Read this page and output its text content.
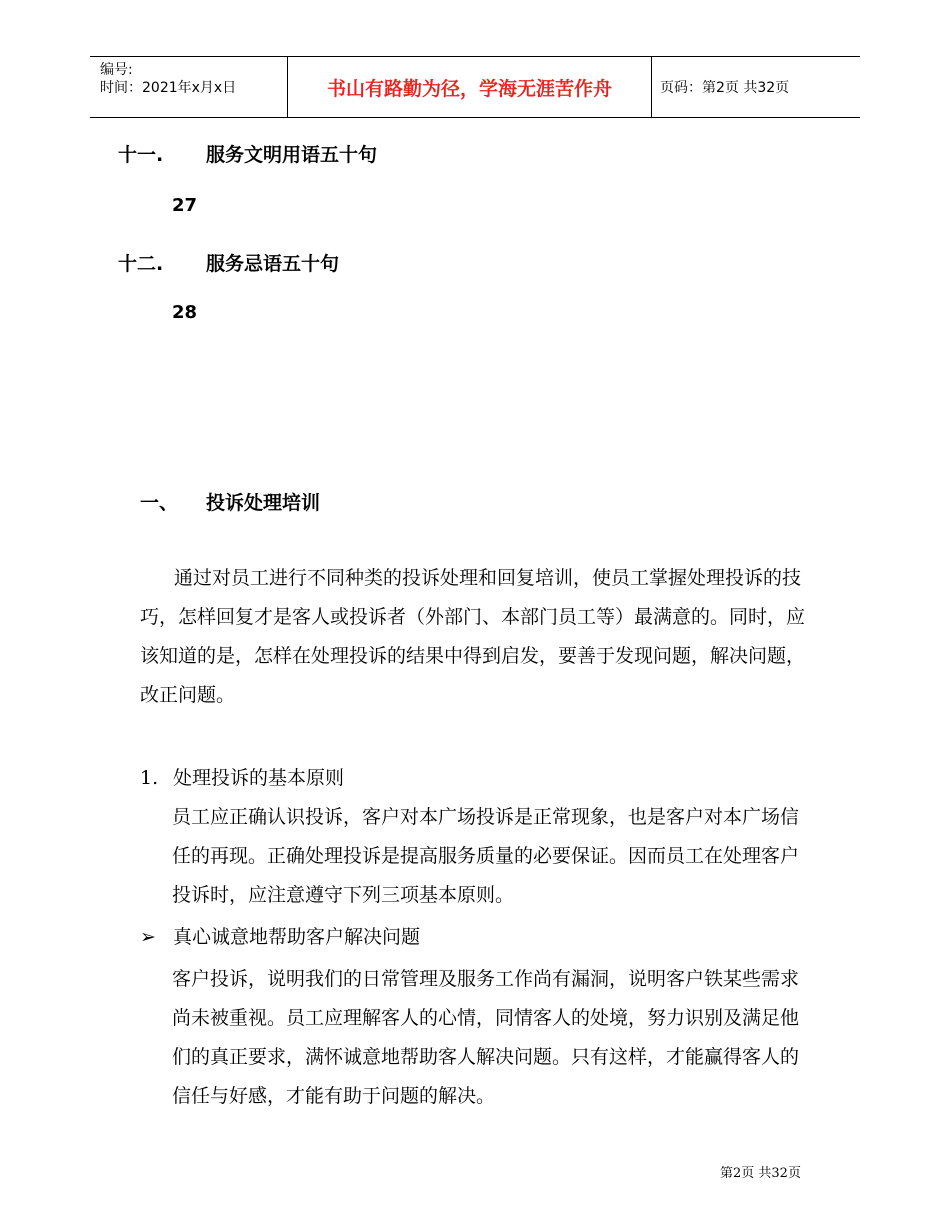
编号:
时间：2021年x月x日	书山有路勤为径，学海无涯苦作舟	页码：第2页 共32页
十一. 服务文明用语五十句
27
十二. 服务忌语五十句
28
一、 投诉处理培训

通过对员工进行不同种类的投诉处理和回复培训，使员工掌握处理投诉的技巧，怎样回复才是客人或投诉者（外部门、本部门员工等）最满意的。同时，应该知道的是，怎样在处理投诉的结果中得到启发，要善于发现问题，解决问题，改正问题。

1. 处理投诉的基本原则

员工应正确认识投诉，客户对本广场投诉是正常现象，也是客户对本广场信任的再现。正确处理投诉是提高服务质量的必要保证。因而员工在处理客户投诉时，应注意遵守下列三项基本原则。

➢ 真心诚意地帮助客户解决问题

客户投诉，说明我们的日常管理及服务工作尚有漏洞，说明客户铁某些需求尚未被重视。员工应理解客人的心情，同情客人的处境，努力识别及满足他们的真正要求，满怀诚意地帮助客人解决问题。只有这样，才能赢得客人的信任与好感，才能有助于问题的解决。

第2页 共32页
